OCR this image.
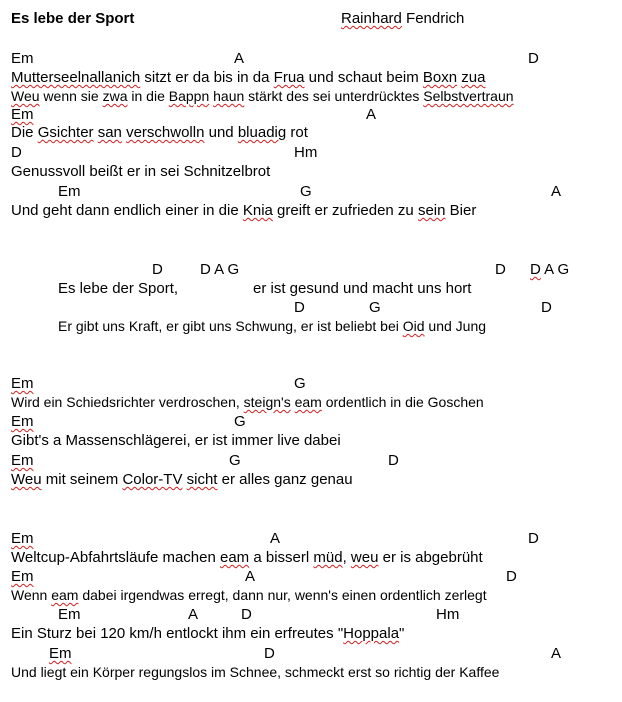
Es lebe der Sport	Rainhard Fendrich
Em	A	D
Mutterseelnallanich sitzt er da bis in da Frua und schaut beim Boxn zua
Weu wenn sie zwa in die Bappn haun stärkt des sei unterdrücktes Selbstvertraun
Em	A
Die Gsichter san verschwolln und bluadig rot
D	Hm
Genussvoll beißt er in sei Schnitzelbrot
Em	G	A
Und geht dann endlich einer in die Knia greift er zufrieden zu sein Bier
D D A G	D D A G
Es lebe der Sport,	er ist gesund und macht uns hort
D	G	D
Er gibt uns Kraft, er gibt uns Schwung, er ist beliebt bei Oid und Jung
Em	G
Wird ein Schiedsrichter verdroschen, steign's eam ordentlich in die Goschen
Em	G
Gibt's a Massenschlägerei, er ist immer live dabei
Em	G	D
Weu mit seinem Color-TV sicht er alles ganz genau
Em	A	D
Weltcup-Abfahrtsläufe machen eam a bisserl müd, weu er is abgebrüht
Em	A	D
Wenn eam dabei irgendwas erregt, dann nur, wenn's einen ordentlich zerlegt
Em	A	D	Hm
Ein Sturz bei 120 km/h entlockt ihm ein erfreutes "Hoppala"
Em	D	A
Und liegt ein Körper regungslos im Schnee, schmeckt erst so richtig der Kaffee
